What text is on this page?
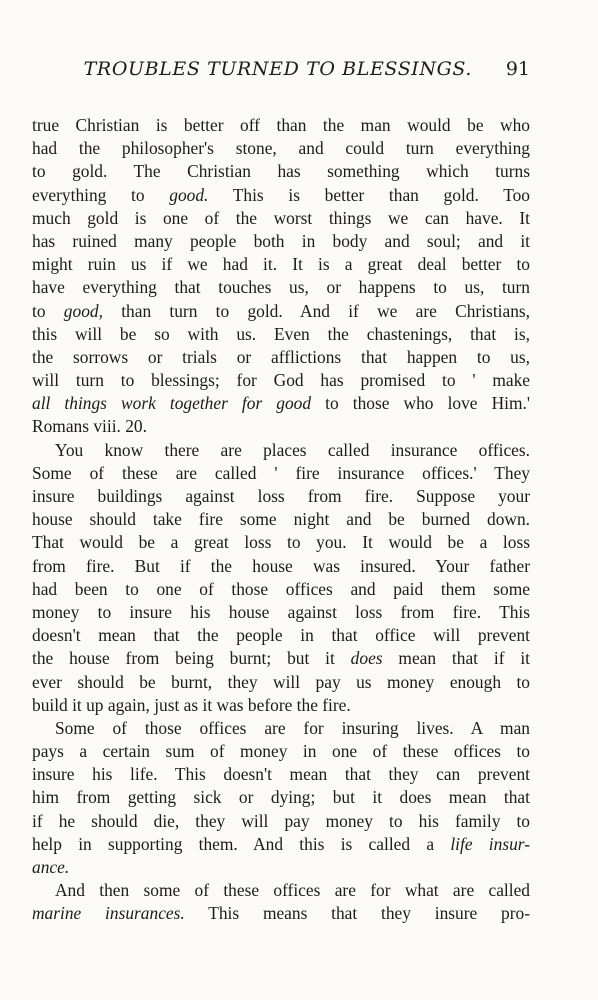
TROUBLES TURNED TO BLESSINGS. 91
true Christian is better off than the man would be who
had the philosopher's stone, and could turn everything
to gold. The Christian has something which turns
everything to good. This is better than gold. Too
much gold is one of the worst things we can have. It
has ruined many people both in body and soul; and it
might ruin us if we had it. It is a great deal better to
have everything that touches us, or happens to us, turn
to good, than turn to gold. And if we are Christians,
this will be so with us. Even the chastenings, that is,
the sorrows or trials or afflictions that happen to us,
will turn to blessings; for God has promised to ' make
all things work together for good to those who love Him.'
Romans viii. 20.
You know there are places called insurance offices.
Some of these are called ' fire insurance offices.' They
insure buildings against loss from fire. Suppose your
house should take fire some night and be burned down.
That would be a great loss to you. It would be a loss
from fire. But if the house was insured. Your father
had been to one of those offices and paid them some
money to insure his house against loss from fire. This
doesn't mean that the people in that office will prevent
the house from being burnt; but it does mean that if it
ever should be burnt, they will pay us money enough to
build it up again, just as it was before the fire.
Some of those offices are for insuring lives. A man
pays a certain sum of money in one of these offices to
insure his life. This doesn't mean that they can prevent
him from getting sick or dying; but it does mean that
if he should die, they will pay money to his family to
help in supporting them. And this is called a life insur-
ance.
And then some of these offices are for what are called
marine insurances. This means that they insure pro-
